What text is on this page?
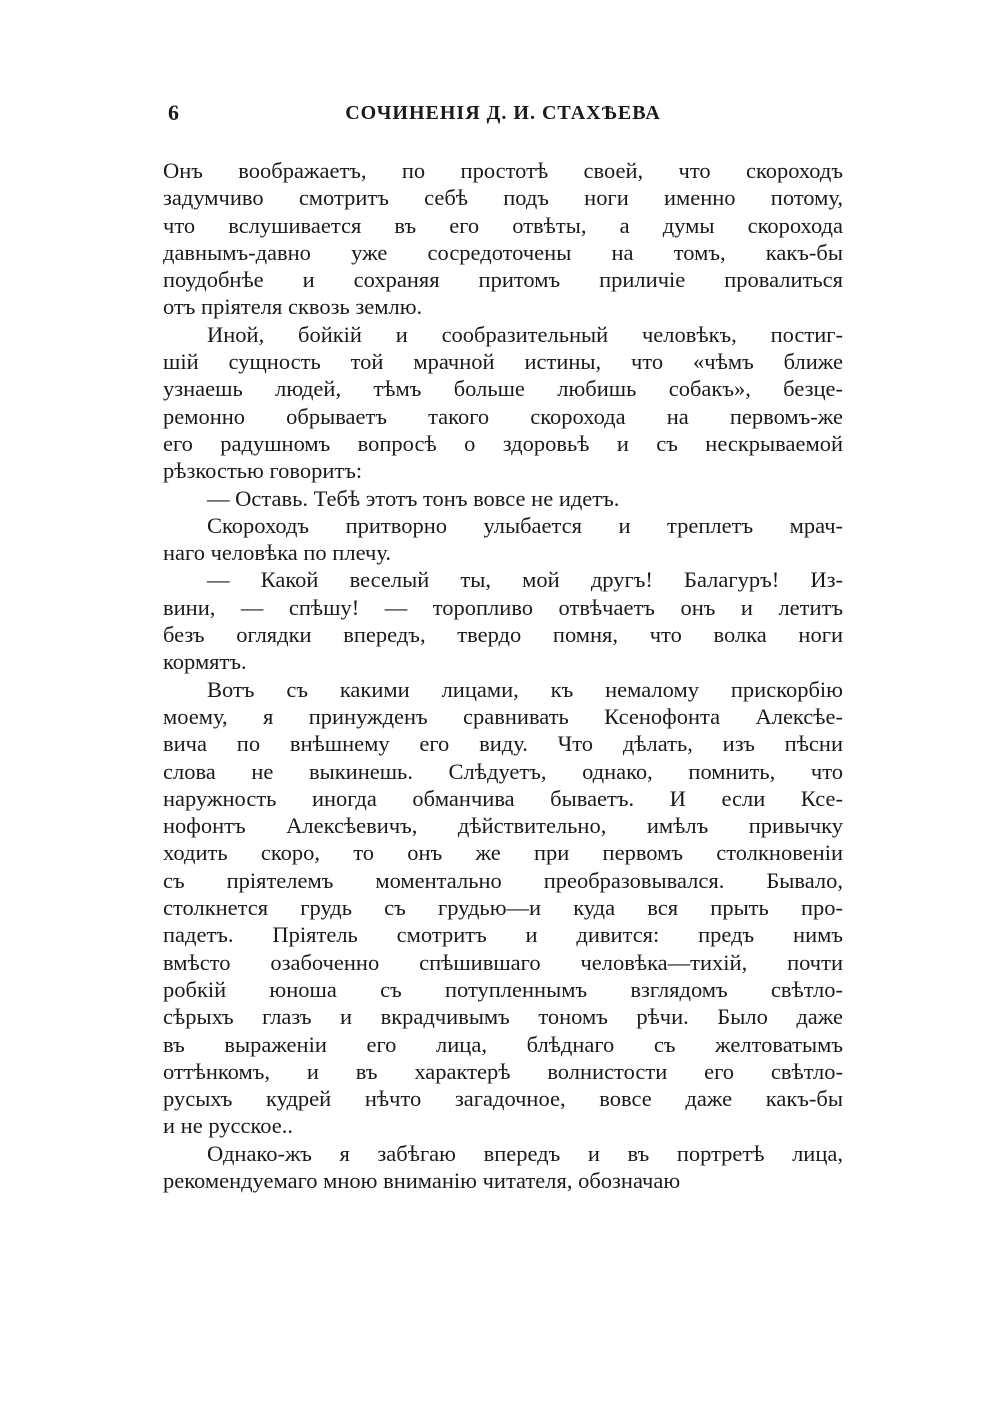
6	СОЧИНЕНІЯ Д. И. СТАХѢЕВА
Онъ воображаетъ, по простотѣ своей, что скороходъ
задумчиво смотритъ себѣ подъ ноги именно потому,
что вслушивается въ его отвѣты, а думы скорохода
давнымъ-давно уже сосредоточены на томъ, какъ-бы
поудобнѣе и сохраняя притомъ приличіе провалиться
отъ пріятеля сквозь землю.
Иной, бойкій и сообразительный человѣкъ, постиг-
шій сущность той мрачной истины, что «чѣмъ ближе
узнаешь людей, тѣмъ больше любишь собакъ», безце-
ремонно обрываетъ такого скорохода на первомъ-же
его радушномъ вопросѣ о здоровьѣ и съ нескрываемой
рѣзкостью говоритъ:
— Оставь. Тебѣ этотъ тонъ вовсе не идетъ.
Скороходъ притворно улыбается и треплетъ мрач-
наго человѣка по плечу.
— Какой веселый ты, мой другъ! Балагуръ! Из-
вини, — спѣшу! — торопливо отвѣчаетъ онъ и летитъ
безъ оглядки впередъ, твердо помня, что волка ноги
кормятъ.
Вотъ съ какими лицами, къ немалому прискорбію
моему, я принужденъ сравнивать Ксенофонта Алексѣе-
вича по внѣшнему его виду. Что дѣлать, изъ пѣсни
слова не выкинешь. Слѣдуетъ, однако, помнить, что
наружность иногда обманчива бываетъ. И если Ксе-
нофонтъ Алексѣевичъ, дѣйствительно, имѣлъ привычку
ходить скоро, то онъ же при первомъ столкновеніи
съ пріятелемъ моментально преобразовывался. Бывало,
столкнется грудь съ грудью—и куда вся прыть про-
падетъ. Пріятель смотритъ и дивится: предъ нимъ
вмѣсто озабоченно спѣшившаго человѣка—тихій, почти
робкій юноша съ потупленнымъ взглядомъ свѣтло-
сѣрыхъ глазъ и вкрадчивымъ тономъ рѣчи. Было даже
въ выраженіи его лица, блѣднаго съ желтоватымъ
оттѣнкомъ, и въ характерѣ волнистости его свѣтло-
русыхъ кудрей нѣчто загадочное, вовсе даже какъ-бы
и не русское..
Однако-жъ я забѣгаю впередъ и въ портретѣ лица,
рекомендуемаго мною вниманію читателя, обозначаю
